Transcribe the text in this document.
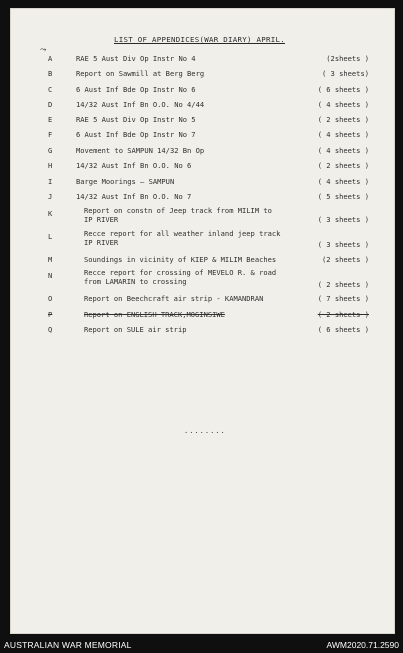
LIST OF APPENDICES(WAR DIARY) APRIL.
⤳
A	RAE 5 Aust Div Op Instr No 4	(2sheets )
B	Report on Sawmill at Berg Berg	( 3 sheets)
C	6 Aust Inf Bde Op Instr No 6	( 6 sheets )
D	14/32 Aust Inf Bn O.O. No 4/44	( 4 sheets )
E	RAE 5 Aust Div Op Instr No 5	( 2 sheets )
F	6 Aust Inf Bde Op Instr No 7	( 4 sheets )
G	Movement to SAMPUN 14/32 Bn Op	( 4 sheets )
H	14/32 Aust Inf Bn O.O. No 6	( 2 sheets )
I	Barge Moorings – SAMPUN	( 4 sheets )
J	14/32 Aust Inf Bn O.O. No 7	( 5 sheets )
K	Report on constn of Jeep track from MILIM to
IP RIVER	( 3 sheets )
L	Recce report for all weather inland jeep track
IP RIVER	( 3 sheets )
M	Soundings in vicinity of KIEP & MILIM Beaches	(2 sheets )
N	Recce report for crossing of MEVELO R. & road
from LAMARIN to crossing	( 2 sheets )
O	Report on Beechcraft air strip - KAMANDRAN	( 7 sheets )
P	Report on ENGLISH TRACK,MOGINSIWE	( 2 sheets )
Q	Report on SULE air strip	( 6 sheets )
........
AUSTRALIAN WAR MEMORIAL	AWM2020.71.2590
